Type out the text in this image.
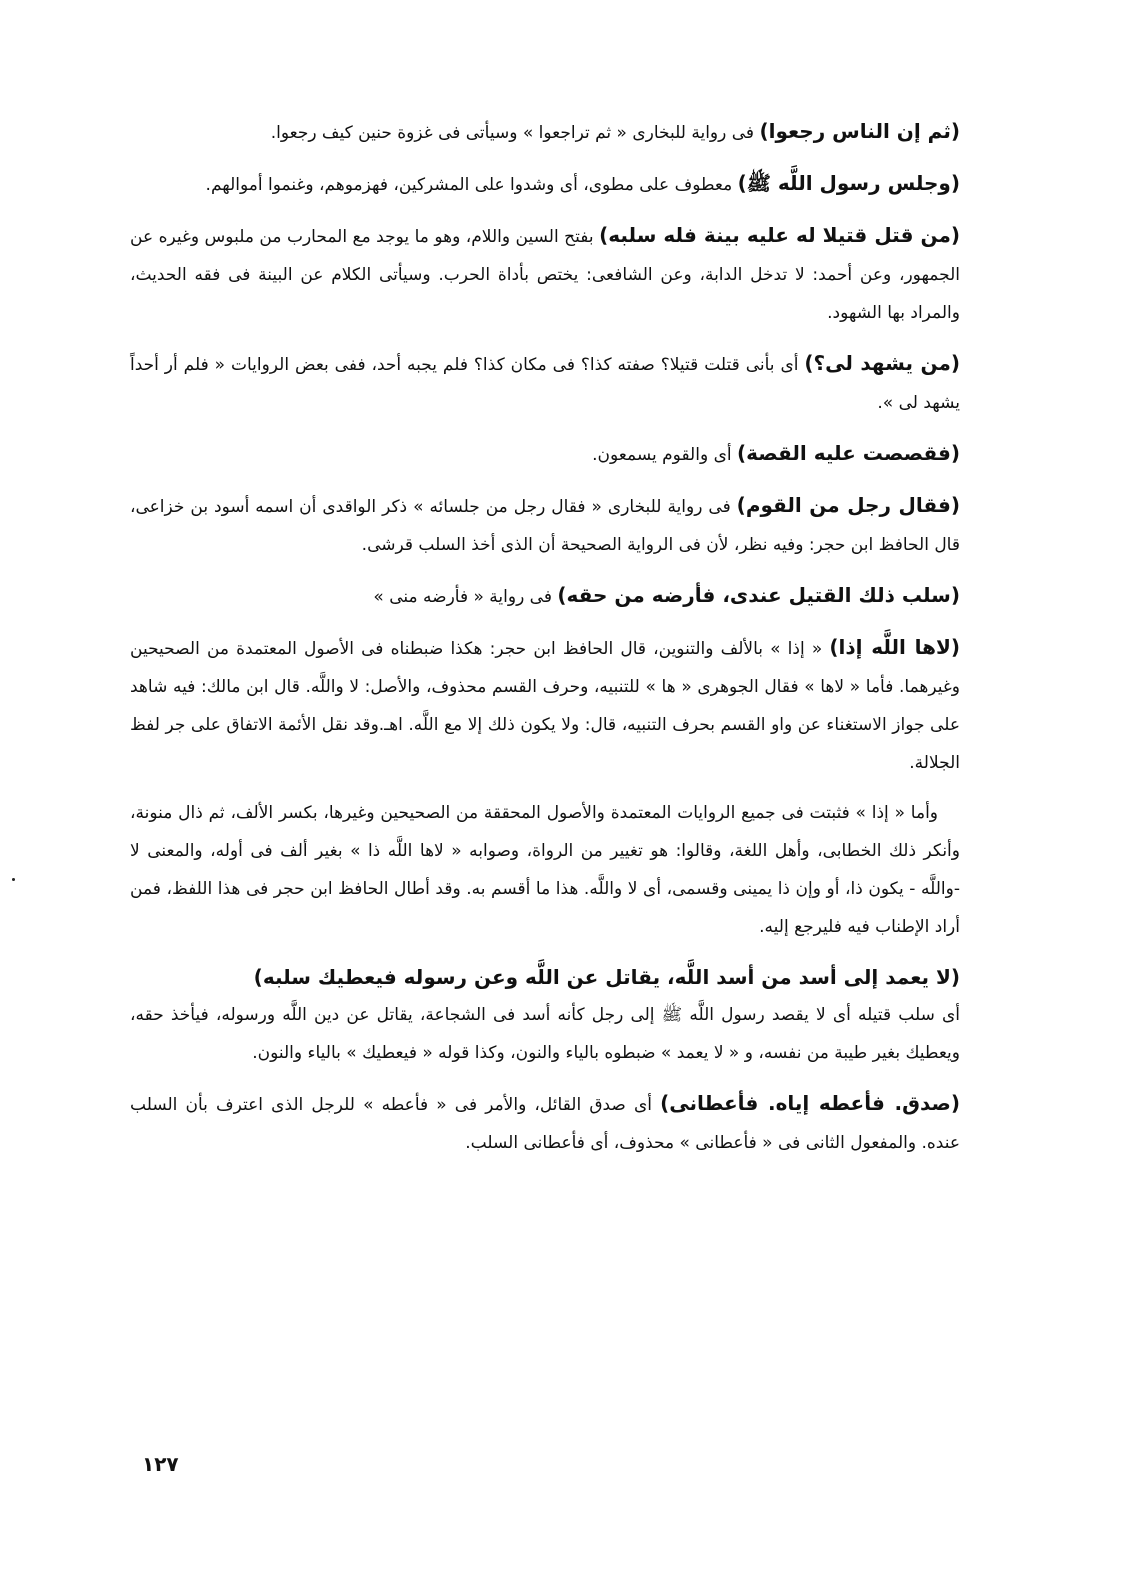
(ثم إن الناس رجعوا) فى رواية للبخارى « ثم تراجعوا » وسيأتى فى غزوة حنين كيف رجعوا.

(وجلس رسول اللَّه ﷺ) معطوف على مطوى، أى وشدوا على المشركين، فهزموهم، وغنموا أموالهم.

(من قتل قتيلا له عليه بينة فله سلبه) بفتح السين واللام، وهو ما يوجد مع المحارب من ملبوس وغيره عن الجمهور، وعن أحمد: لا تدخل الدابة، وعن الشافعى: يختص بأداة الحرب. وسيأتى الكلام عن البينة فى فقه الحديث، والمراد بها الشهود.

(من يشهد لى؟) أى بأنى قتلت قتيلا؟ صفته كذا؟ فى مكان كذا؟ فلم يجبه أحد، ففى بعض الروايات « فلم أر أحداً يشهد لى ».

(فقصصت عليه القصة) أى والقوم يسمعون.

(فقال رجل من القوم) فى رواية للبخارى « فقال رجل من جلسائه » ذكر الواقدى أن اسمه أسود بن خزاعى، قال الحافظ ابن حجر: وفيه نظر، لأن فى الرواية الصحيحة أن الذى أخذ السلب قرشى.

(سلب ذلك القتيل عندى، فأرضه من حقه) فى رواية « فأرضه منى »

(لاها اللَّه إذا) « إذا » بالألف والتنوين، قال الحافظ ابن حجر: هكذا ضبطناه فى الأصول المعتمدة من الصحيحين وغيرهما. فأما « لاها » فقال الجوهرى « ها » للتنبيه، وحرف القسم محذوف، والأصل: لا واللَّه. قال ابن مالك: فيه شاهد على جواز الاستغناء عن واو القسم بحرف التنبيه، قال: ولا يكون ذلك إلا مع اللَّه. اهـ.وقد نقل الأئمة الاتفاق على جر لفظ الجلالة.

وأما « إذا » فثبتت فى جميع الروايات المعتمدة والأصول المحققة من الصحيحين وغيرها، بكسر الألف، ثم ذال منونة، وأنكر ذلك الخطابى، وأهل اللغة، وقالوا: هو تغيير من الرواة، وصوابه « لاها اللَّه ذا » بغير ألف فى أوله، والمعنى لا -واللَّه - يكون ذا، أو وإن ذا يمينى وقسمى، أى لا واللَّه. هذا ما أقسم به. وقد أطال الحافظ ابن حجر فى هذا اللفظ، فمن أراد الإطناب فيه فليرجع إليه.

(لا يعمد إلى أسد من أسد اللَّه، يقاتل عن اللَّه وعن رسوله فيعطيك سلبه)

أى سلب قتيله أى لا يقصد رسول اللَّه ﷺ إلى رجل كأنه أسد فى الشجاعة، يقاتل عن دين اللَّه ورسوله، فيأخذ حقه، ويعطيك بغير طيبة من نفسه، و « لا يعمد » ضبطوه بالياء والنون، وكذا قوله « فيعطيك » بالياء والنون.

(صدق. فأعطه إياه. فأعطانى) أى صدق القائل، والأمر فى « فأعطه » للرجل الذى اعترف بأن السلب عنده. والمفعول الثانى فى « فأعطانى » محذوف، أى فأعطانى السلب.

١٢٧
